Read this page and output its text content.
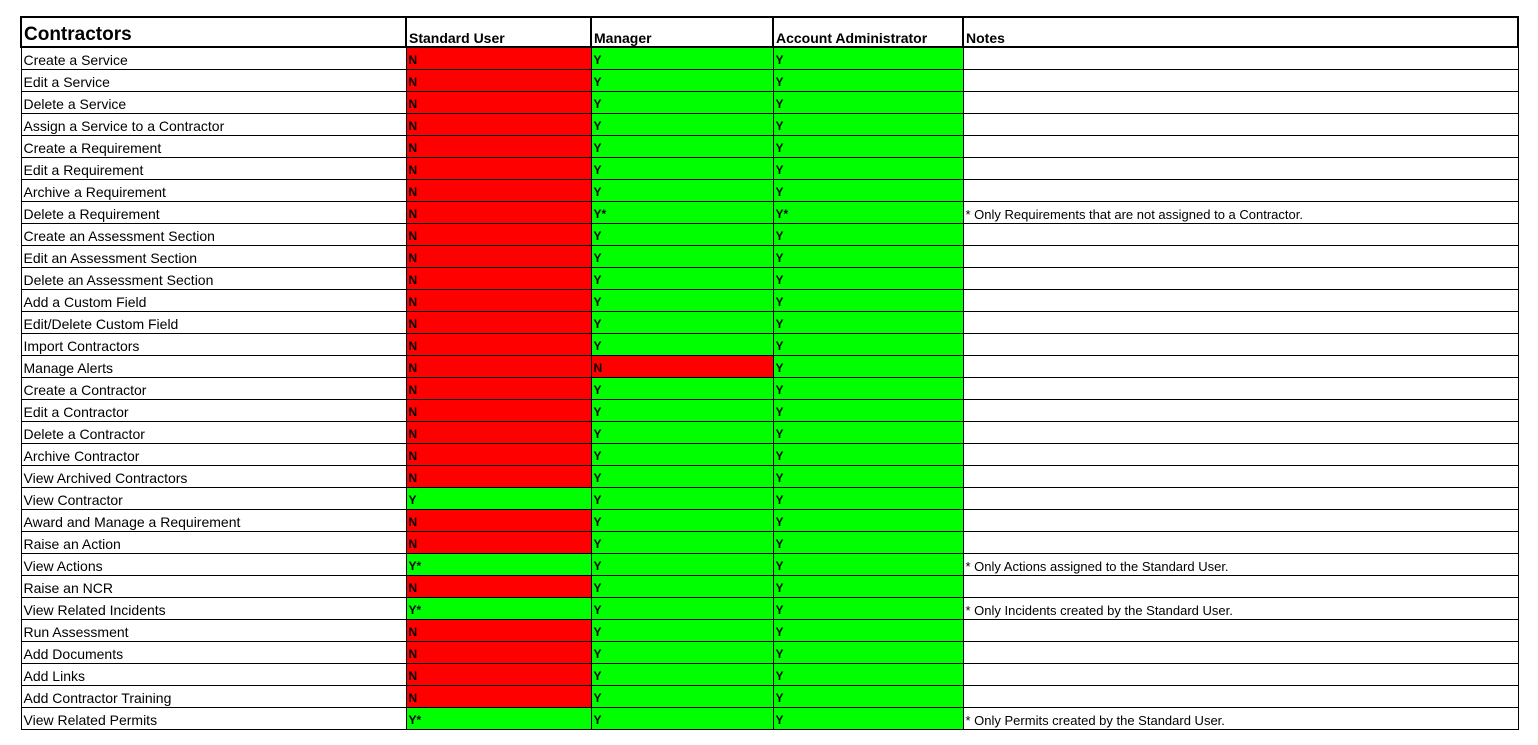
Contractors	Standard User	Manager	Account Administrator	Notes
Create a Service	N	Y	Y	
Edit a Service	N	Y	Y	
Delete a Service	N	Y	Y	
Assign a Service to a Contractor	N	Y	Y	
Create a Requirement	N	Y	Y	
Edit a Requirement	N	Y	Y	
Archive a Requirement	N	Y	Y	
Delete a Requirement	N	Y*	Y*	* Only Requirements that are not assigned to a Contractor.
Create an Assessment Section	N	Y	Y	
Edit an Assessment Section	N	Y	Y	
Delete an Assessment Section	N	Y	Y	
Add a Custom Field	N	Y	Y	
Edit/Delete Custom Field	N	Y	Y	
Import Contractors	N	Y	Y	
Manage Alerts	N	N	Y	
Create a Contractor	N	Y	Y	
Edit a Contractor	N	Y	Y	
Delete a Contractor	N	Y	Y	
Archive Contractor	N	Y	Y	
View Archived Contractors	N	Y	Y	
View Contractor	Y	Y	Y	
Award and Manage a Requirement	N	Y	Y	
Raise an Action	N	Y	Y	
View Actions	Y*	Y	Y	* Only Actions assigned to the Standard User.
Raise an NCR	N	Y	Y	
View Related Incidents	Y*	Y	Y	* Only Incidents created by the Standard User.
Run Assessment	N	Y	Y	
Add Documents	N	Y	Y	
Add Links	N	Y	Y	
Add Contractor Training	N	Y	Y	
View Related Permits	Y*	Y	Y	* Only Permits created by the Standard User.
